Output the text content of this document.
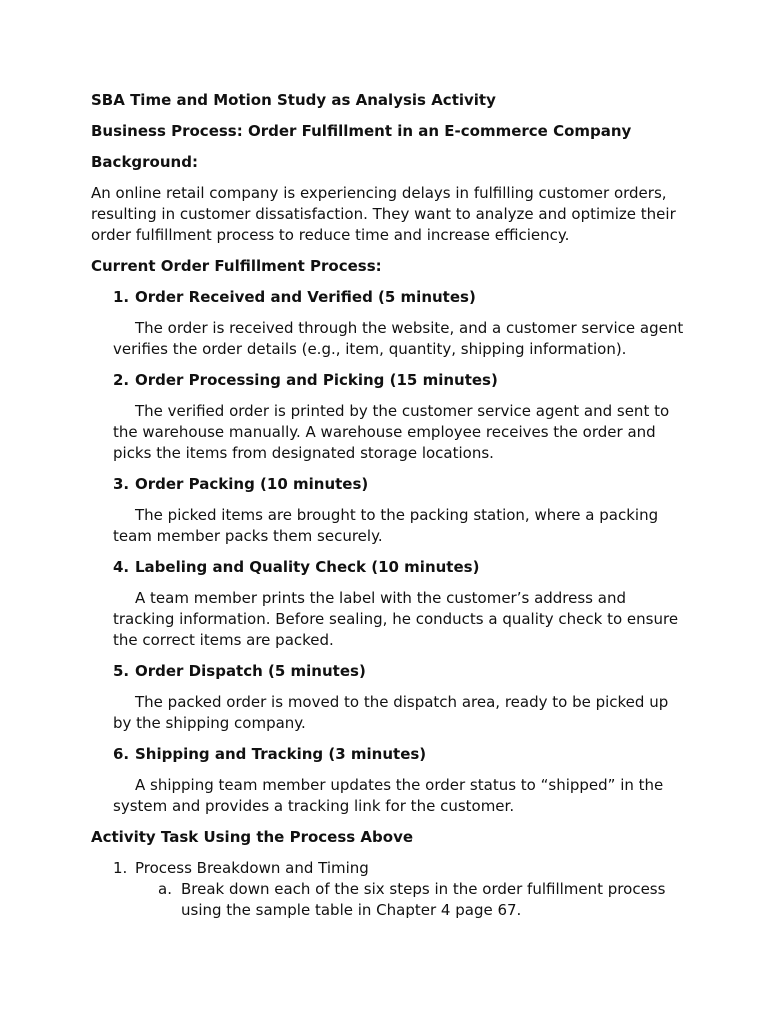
SBA Time and Motion Study as Analysis Activity

Business Process: Order Fulfillment in an E-commerce Company

Background:

An online retail company is experiencing delays in fulfilling customer orders, resulting in customer dissatisfaction. They want to analyze and optimize their order fulfillment process to reduce time and increase efficiency.

Current Order Fulfillment Process:

1. Order Received and Verified (5 minutes)

The order is received through the website, and a customer service agent verifies the order details (e.g., item, quantity, shipping information).

2. Order Processing and Picking (15 minutes)

The verified order is printed by the customer service agent and sent to the warehouse manually. A warehouse employee receives the order and picks the items from designated storage locations.

3. Order Packing (10 minutes)

The picked items are brought to the packing station, where a packing team member packs them securely.

4. Labeling and Quality Check (10 minutes)

A team member prints the label with the customer’s address and tracking information. Before sealing, he conducts a quality check to ensure the correct items are packed.

5. Order Dispatch (5 minutes)

The packed order is moved to the dispatch area, ready to be picked up by the shipping company.

6. Shipping and Tracking (3 minutes)

A shipping team member updates the order status to “shipped” in the system and provides a tracking link for the customer.

Activity Task Using the Process Above

1. Process Breakdown and Timing
a. Break down each of the six steps in the order fulfillment process using the sample table in Chapter 4 page 67.
